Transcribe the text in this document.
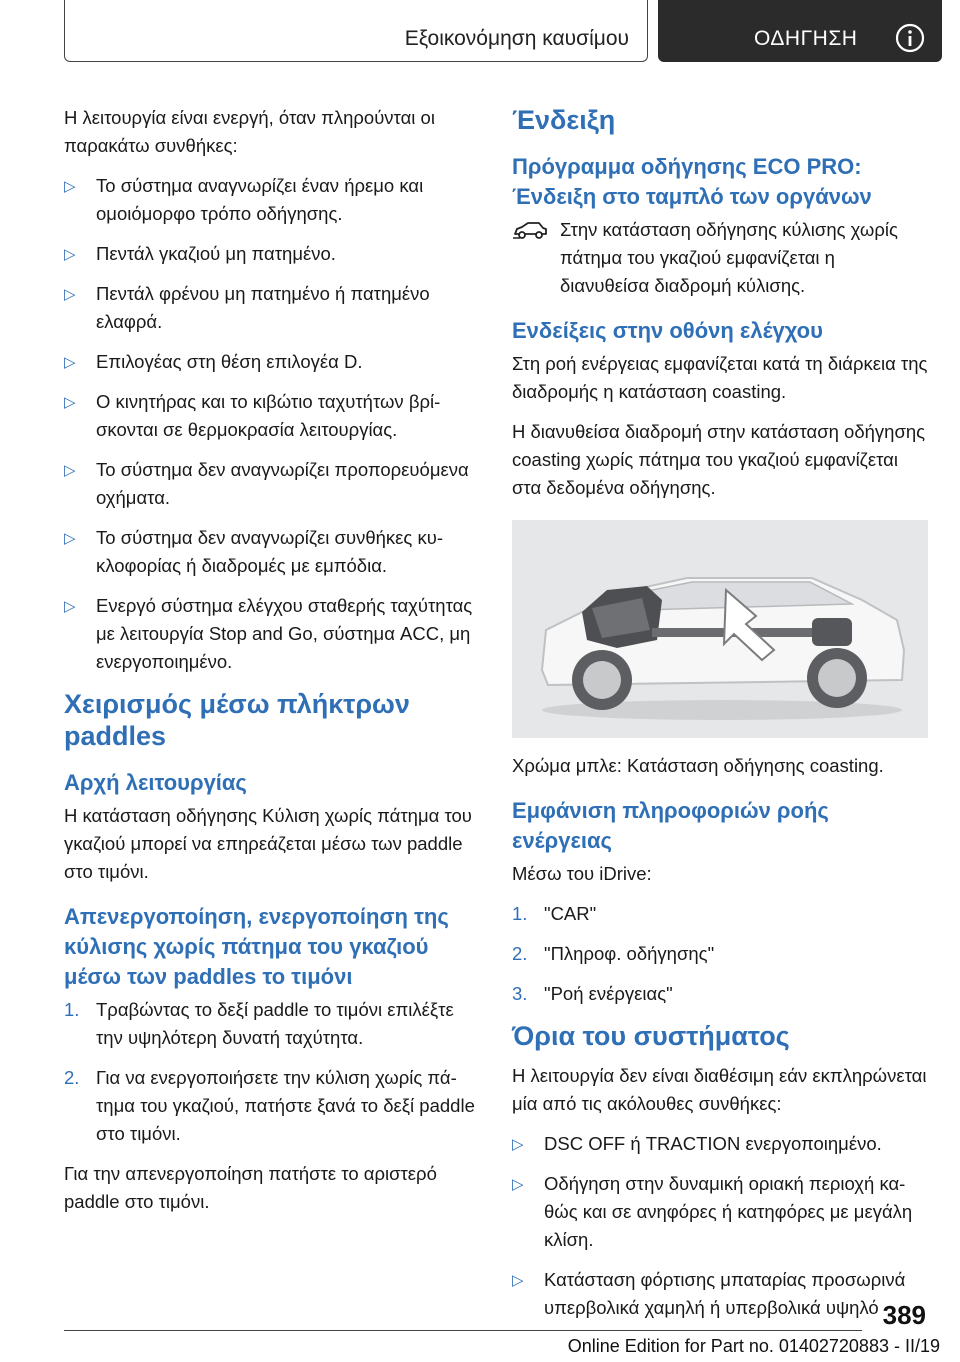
Εξοικονόμηση καυσίμου	ΟΔΗΓΗΣΗ

Η λειτουργία είναι ενεργή, όταν πληρούνται οι παρακάτω συνθήκες:

▷ Το σύστημα αναγνωρίζει έναν ήρεμο και ομοιόμορφο τρόπο οδήγησης.
▷ Πεντάλ γκαζιού μη πατημένο.
▷ Πεντάλ φρένου μη πατημένο ή πατημένο ελαφρά.
▷ Επιλογέας στη θέση επιλογέα D.
▷ Ο κινητήρας και το κιβώτιο ταχυτήτων βρίσκονται σε θερμοκρασία λειτουργίας.
▷ Το σύστημα δεν αναγνωρίζει προπορευόμενα οχήματα.
▷ Το σύστημα δεν αναγνωρίζει συνθήκες κυκλοφορίας ή διαδρομές με εμπόδια.
▷ Ενεργό σύστημα ελέγχου σταθερής ταχύτητας με λειτουργία Stop and Go, σύστημα ACC, μη ενεργοποιημένο.
Χειρισμός μέσω πλήκτρων paddles
Αρχή λειτουργίας

Η κατάσταση οδήγησης Κύλιση χωρίς πάτημα του γκαζιού μπορεί να επηρεάζεται μέσω των paddle στο τιμόνι.

Απενεργοποίηση, ενεργοποίηση της κύλισης χωρίς πάτημα του γκαζιού μέσω των paddles το τιμόνι
1. Τραβώντας το δεξί paddle το τιμόνι επιλέξτε την υψηλότερη δυνατή ταχύτητα.
2. Για να ενεργοποιήσετε την κύλιση χωρίς πάτημα του γκαζιού, πατήστε ξανά το δεξί paddle στο τιμόνι.

Για την απενεργοποίηση πατήστε το αριστερό paddle στο τιμόνι.

Ένδειξη
Πρόγραμμα οδήγησης ECO PRO: Ένδειξη στο ταμπλό των οργάνων

Στην κατάσταση οδήγησης κύλισης χωρίς πάτημα του γκαζιού εμφανίζεται η διανυθείσα διαδρομή κύλισης.

Ενδείξεις στην οθόνη ελέγχου

Στη ροή ενέργειας εμφανίζεται κατά τη διάρκεια της διαδρομής η κατάσταση coasting.

Η διανυθείσα διαδρομή στην κατάσταση οδήγησης coasting χωρίς πάτημα του γκαζιού εμφανίζεται στα δεδομένα οδήγησης.

Χρώμα μπλε: Κατάσταση οδήγησης coasting.

Εμφάνιση πληροφοριών ροής ενέργειας

Μέσω του iDrive:

1. "CAR"
2. "Πληροφ. οδήγησης"
3. "Ροή ενέργειας"
Όρια του συστήματος

Η λειτουργία δεν είναι διαθέσιμη εάν εκπληρώνεται μία από τις ακόλουθες συνθήκες:

▷ DSC OFF ή TRACTION ενεργοποιημένο.
▷ Οδήγηση στην δυναμική οριακή περιοχή καθώς και σε ανηφόρες ή κατηφόρες με μεγάλη κλίση.
▷ Κατάσταση φόρτισης μπαταρίας προσωρινά υπερβολικά χαμηλή ή υπερβολικά υψηλό 389
Online Edition for Part no. 01402720883 - II/19
